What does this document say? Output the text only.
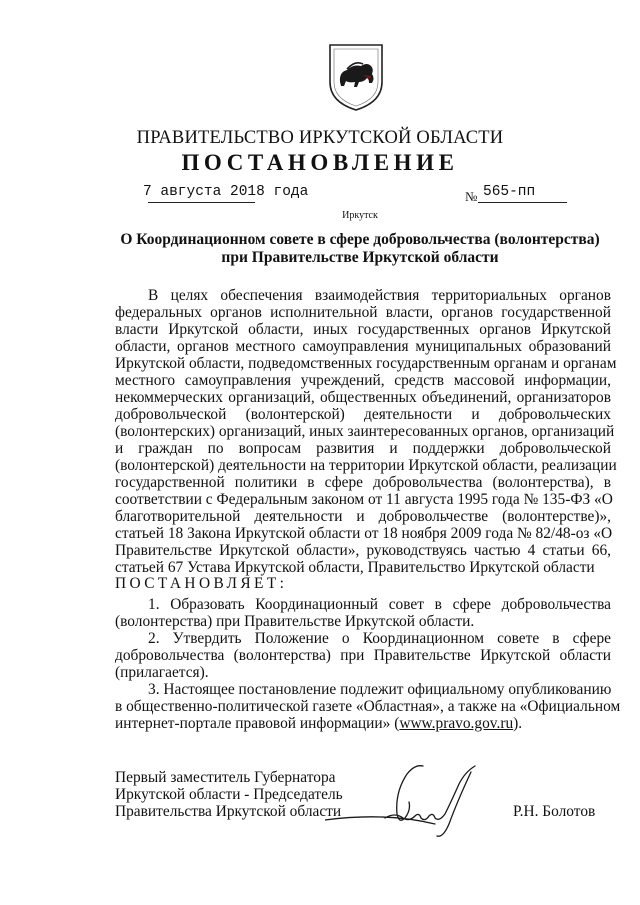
ПРАВИТЕЛЬСТВО ИРКУТСКОЙ ОБЛАСТИ
ПОСТАНОВЛЕНИЕ
7 августа 2018 года	№ 565-пп
Иркутск
О Координационном совете в сфере добровольчества (волонтерства)
при Правительстве Иркутской области
В целях обеспечения взаимодействия территориальных органов
федеральных органов исполнительной власти, органов государственной
власти Иркутской области, иных государственных органов Иркутской
области, органов местного самоуправления муниципальных образований
Иркутской области, подведомственных государственным органам и органам
местного самоуправления учреждений, средств массовой информации,
некоммерческих организаций, общественных объединений, организаторов
добровольческой (волонтерской) деятельности и добровольческих
(волонтерских) организаций, иных заинтересованных органов, организаций
и граждан по вопросам развития и поддержки добровольческой
(волонтерской) деятельности на территории Иркутской области, реализации
государственной политики в сфере добровольчества (волонтерства), в
соответствии с Федеральным законом от 11 августа 1995 года № 135-ФЗ «О
благотворительной деятельности и добровольчестве (волонтерстве)»,
статьей 18 Закона Иркутской области от 18 ноября 2009 года № 82/48-оз «О
Правительстве Иркутской области», руководствуясь частью 4 статьи 66,
статьей 67 Устава Иркутской области, Правительство Иркутской области
ПОСТАНОВЛЯЕТ:
1. Образовать Координационный совет в сфере добровольчества
(волонтерства) при Правительстве Иркутской области.
2. Утвердить Положение о Координационном совете в сфере
добровольчества (волонтерства) при Правительстве Иркутской области
(прилагается).
3. Настоящее постановление подлежит официальному опубликованию
в общественно-политической газете «Областная», а также на «Официальном
интернет-портале правовой информации» (www.pravo.gov.ru).
Первый заместитель Губернатора
Иркутской области - Председатель
Правительства Иркутской области	Р.Н. Болотов
